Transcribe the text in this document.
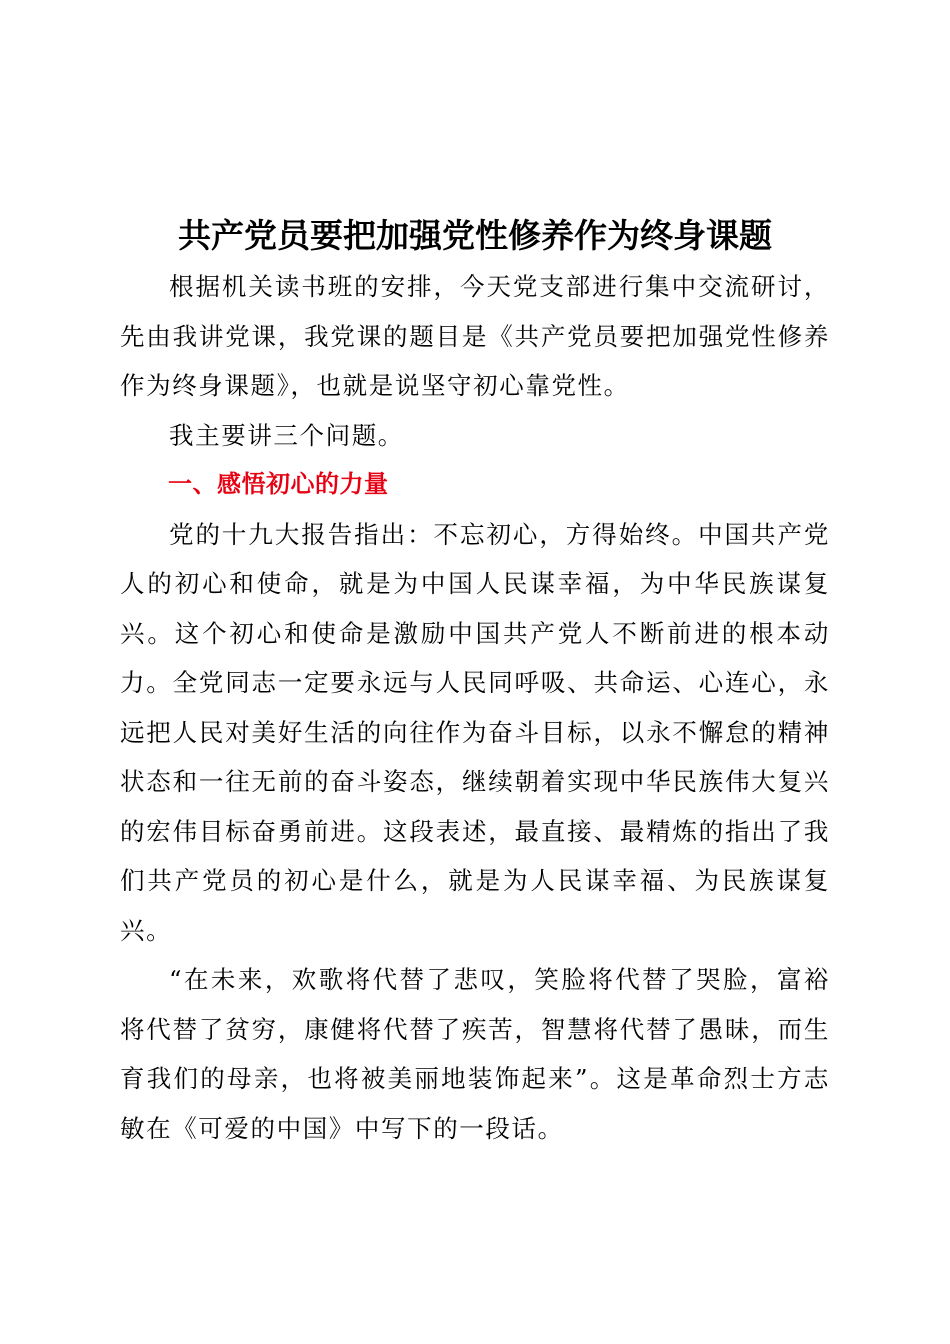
共产党员要把加强党性修养作为终身课题

根据机关读书班的安排，今天党支部进行集中交流研讨，先由我讲党课，我党课的题目是《共产党员要把加强党性修养作为终身课题》，也就是说坚守初心靠党性。

我主要讲三个问题。

一、感悟初心的力量

党的十九大报告指出：不忘初心，方得始终。中国共产党人的初心和使命，就是为中国人民谋幸福，为中华民族谋复兴。这个初心和使命是激励中国共产党人不断前进的根本动力。全党同志一定要永远与人民同呼吸、共命运、心连心，永远把人民对美好生活的向往作为奋斗目标，以永不懈怠的精神状态和一往无前的奋斗姿态，继续朝着实现中华民族伟大复兴的宏伟目标奋勇前进。这段表述，最直接、最精炼的指出了我们共产党员的初心是什么，就是为人民谋幸福、为民族谋复兴。

“在未来，欢歌将代替了悲叹，笑脸将代替了哭脸，富裕将代替了贫穷，康健将代替了疾苦，智慧将代替了愚昧，而生育我们的母亲，也将被美丽地装饰起来”。这是革命烈士方志敏在《可爱的中国》中写下的一段话。
